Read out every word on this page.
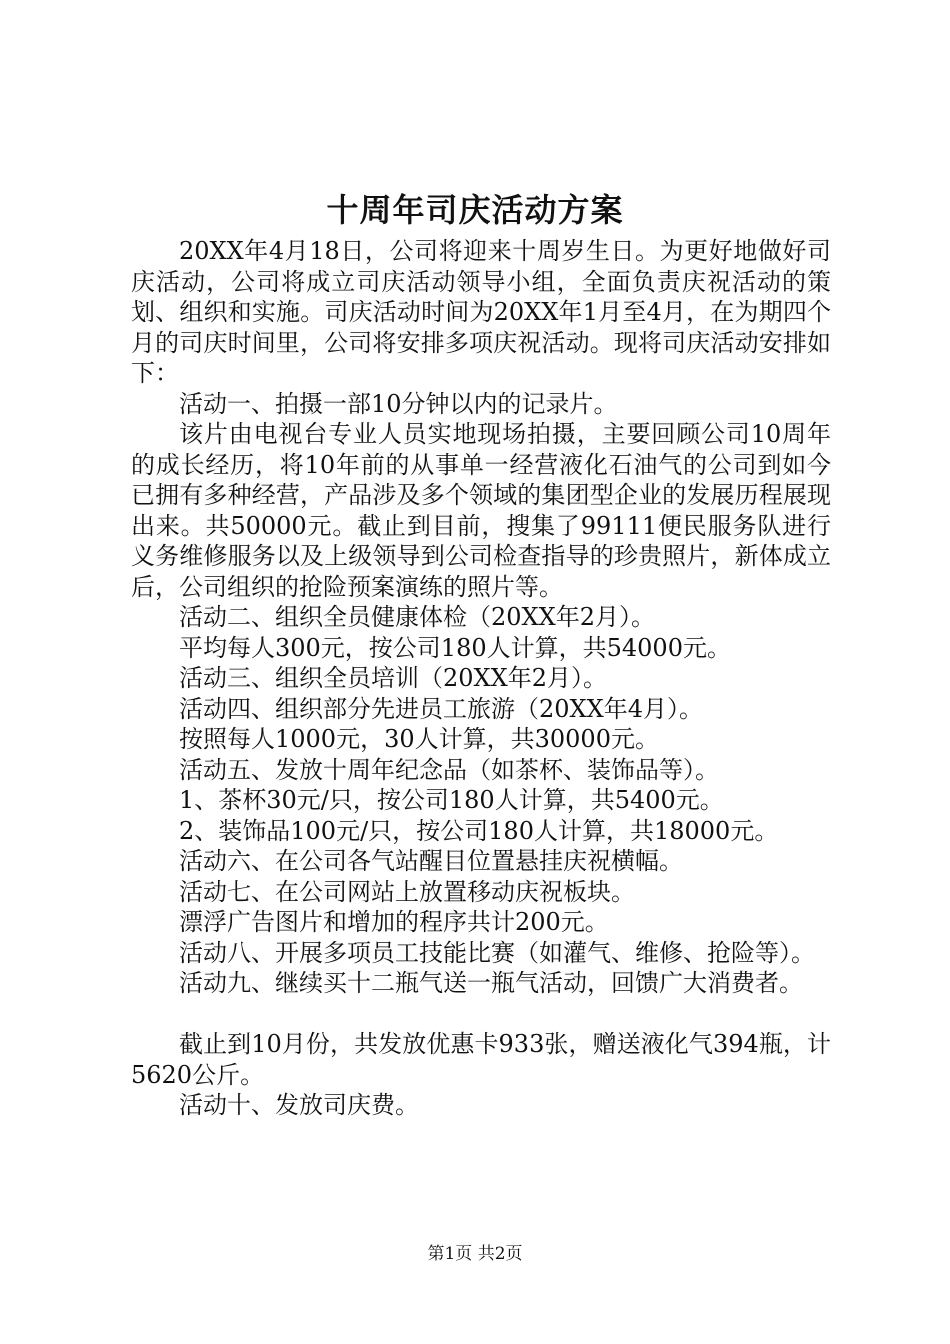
十周年司庆活动方案

20XX年4月18日，公司将迎来十周岁生日。为更好地做好司庆活动，公司将成立司庆活动领导小组，全面负责庆祝活动的策划、组织和实施。司庆活动时间为20XX年1月至4月，在为期四个月的司庆时间里，公司将安排多项庆祝活动。现将司庆活动安排如下：

活动一、拍摄一部10分钟以内的记录片。

该片由电视台专业人员实地现场拍摄，主要回顾公司10周年的成长经历，将10年前的从事单一经营液化石油气的公司到如今已拥有多种经营，产品涉及多个领域的集团型企业的发展历程展现出来。共50000元。截止到目前，搜集了99111便民服务队进行义务维修服务以及上级领导到公司检查指导的珍贵照片，新体成立后，公司组织的抢险预案演练的照片等。

活动二、组织全员健康体检（20XX年2月）。

平均每人300元，按公司180人计算，共54000元。

活动三、组织全员培训（20XX年2月）。

活动四、组织部分先进员工旅游（20XX年4月）。

按照每人1000元，30人计算，共30000元。

活动五、发放十周年纪念品（如茶杯、装饰品等）。

1、茶杯30元/只，按公司180人计算，共5400元。

2、装饰品100元/只，按公司180人计算，共18000元。

活动六、在公司各气站醒目位置悬挂庆祝横幅。

活动七、在公司网站上放置移动庆祝板块。

漂浮广告图片和增加的程序共计200元。

活动八、开展多项员工技能比赛（如灌气、维修、抢险等）。

活动九、继续买十二瓶气送一瓶气活动，回馈广大消费者。

截止到10月份，共发放优惠卡933张，赠送液化气394瓶，计5620公斤。

活动十、发放司庆费。

第1页 共2页
